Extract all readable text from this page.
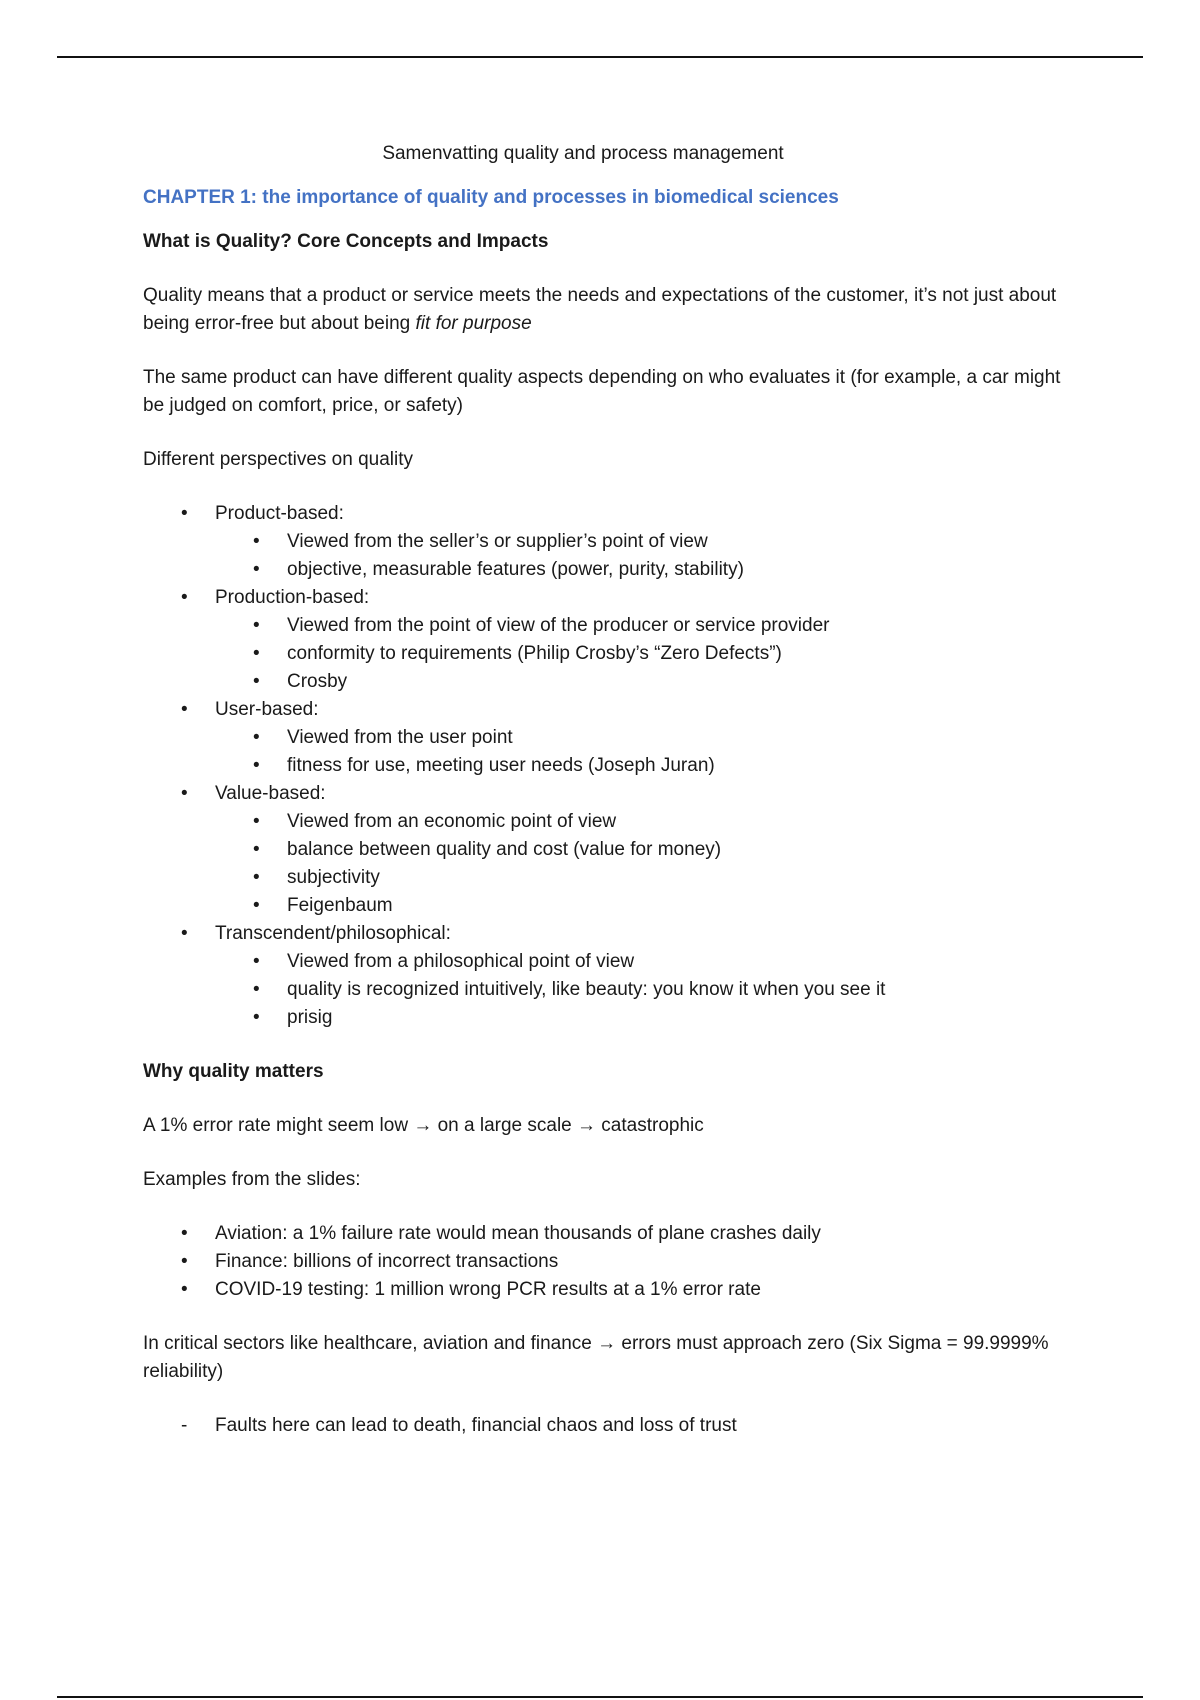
Samenvatting quality and process management
CHAPTER 1: the importance of quality and processes in biomedical sciences
What is Quality? Core Concepts and Impacts

Quality means that a product or service meets the needs and expectations of the customer, it’s not just about being error-free but about being fit for purpose

The same product can have different quality aspects depending on who evaluates it (for example, a car might be judged on comfort, price, or safety)

Different perspectives on quality

• Product-based:
• Viewed from the seller’s or supplier’s point of view
• objective, measurable features (power, purity, stability)
• Production-based:
• Viewed from the point of view of the producer or service provider
• conformity to requirements (Philip Crosby’s “Zero Defects”)
• Crosby
• User-based:
• Viewed from the user point
• fitness for use, meeting user needs (Joseph Juran)
• Value-based:
• Viewed from an economic point of view
• balance between quality and cost (value for money)
• subjectivity
• Feigenbaum
• Transcendent/philosophical:
• Viewed from a philosophical point of view
• quality is recognized intuitively, like beauty: you know it when you see it
• prisig
Why quality matters

A 1% error rate might seem low → on a large scale → catastrophic

Examples from the slides:

• Aviation: a 1% failure rate would mean thousands of plane crashes daily
• Finance: billions of incorrect transactions
• COVID-19 testing: 1 million wrong PCR results at a 1% error rate

In critical sectors like healthcare, aviation and finance → errors must approach zero (Six Sigma = 99.9999% reliability)

- Faults here can lead to death, financial chaos and loss of trust
